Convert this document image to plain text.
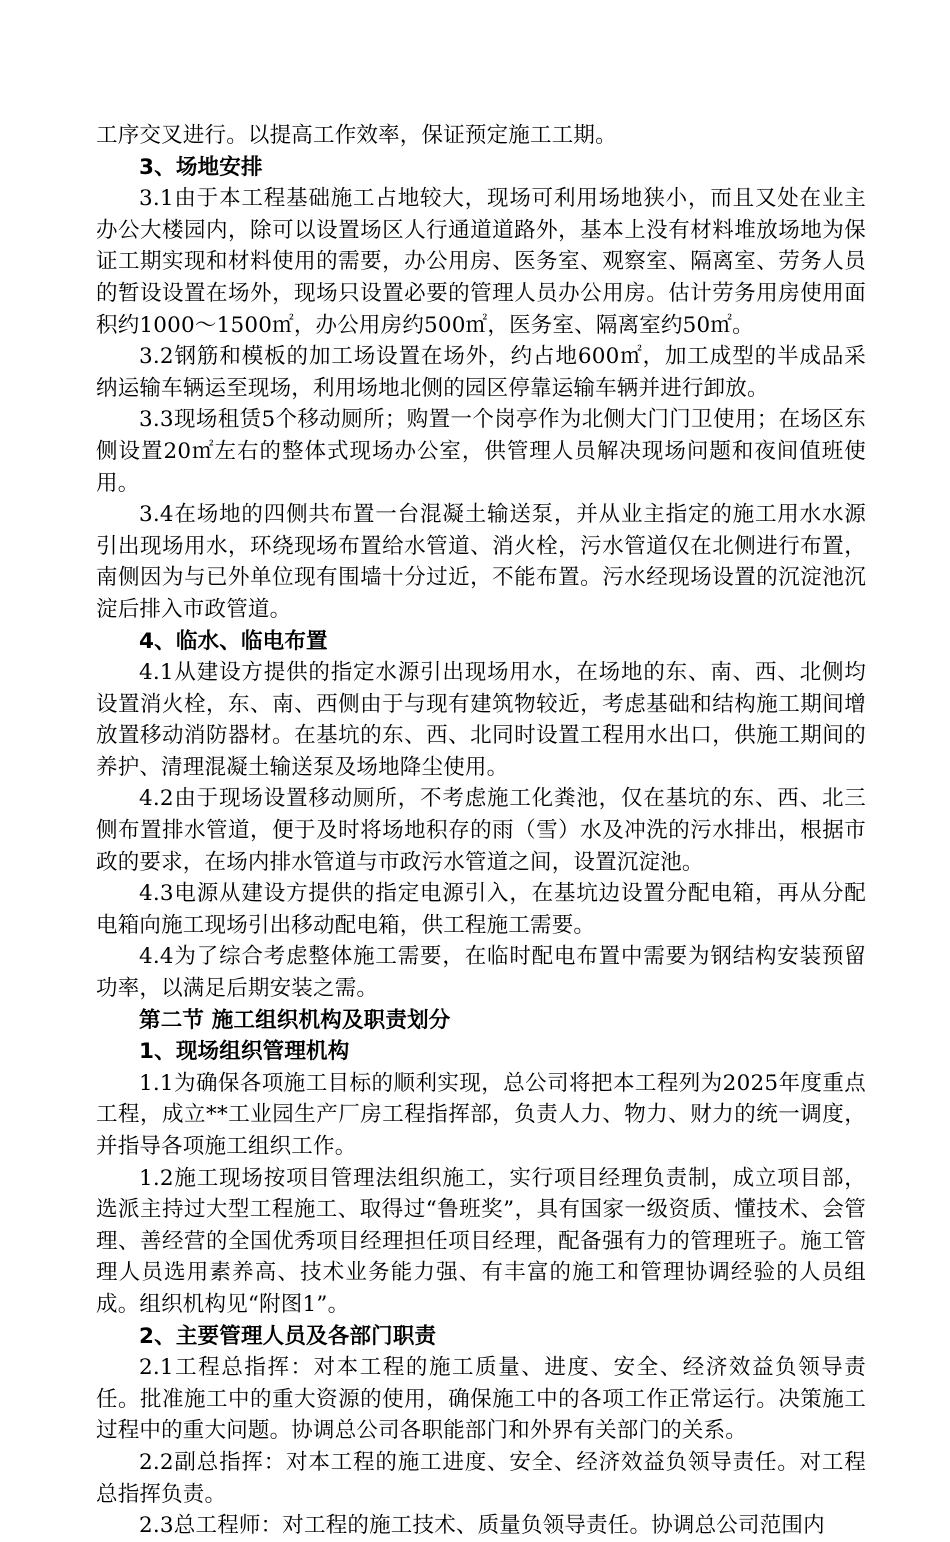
工序交叉进行。以提高工作效率，保证预定施工工期。

3、场地安排

3.1由于本工程基础施工占地较大，现场可利用场地狭小，而且又处在业主办公大楼园内，除可以设置场区人行通道道路外，基本上没有材料堆放场地为保证工期实现和材料使用的需要，办公用房、医务室、观察室、隔离室、劳务人员的暂设设置在场外，现场只设置必要的管理人员办公用房。估计劳务用房使用面积约1000～1500㎡，办公用房约500㎡，医务室、隔离室约50㎡。

3.2钢筋和模板的加工场设置在场外，约占地600㎡，加工成型的半成品采纳运输车辆运至现场，利用场地北侧的园区停靠运输车辆并进行卸放。

3.3现场租赁5个移动厕所；购置一个岗亭作为北侧大门门卫使用；在场区东侧设置20㎡左右的整体式现场办公室，供管理人员解决现场问题和夜间值班使用。

3.4在场地的四侧共布置一台混凝土输送泵，并从业主指定的施工用水水源引出现场用水，环绕现场布置给水管道、消火栓，污水管道仅在北侧进行布置，南侧因为与已外单位现有围墙十分过近，不能布置。污水经现场设置的沉淀池沉淀后排入市政管道。

4、临水、临电布置

4.1从建设方提供的指定水源引出现场用水，在场地的东、南、西、北侧均设置消火栓，东、南、西侧由于与现有建筑物较近，考虑基础和结构施工期间增放置移动消防器材。在基坑的东、西、北同时设置工程用水出口，供施工期间的养护、清理混凝土输送泵及场地降尘使用。

4.2由于现场设置移动厕所，不考虑施工化粪池，仅在基坑的东、西、北三侧布置排水管道，便于及时将场地积存的雨（雪）水及冲洗的污水排出，根据市政的要求，在场内排水管道与市政污水管道之间，设置沉淀池。

4.3电源从建设方提供的指定电源引入，在基坑边设置分配电箱，再从分配电箱向施工现场引出移动配电箱，供工程施工需要。

4.4为了综合考虑整体施工需要，在临时配电布置中需要为钢结构安装预留功率，以满足后期安装之需。

第二节 施工组织机构及职责划分
1、现场组织管理机构

1.1为确保各项施工目标的顺利实现，总公司将把本工程列为2025年度重点工程，成立**工业园生产厂房工程指挥部，负责人力、物力、财力的统一调度，并指导各项施工组织工作。

1.2施工现场按项目管理法组织施工，实行项目经理负责制，成立项目部，选派主持过大型工程施工、取得过“鲁班奖”，具有国家一级资质、懂技术、会管理、善经营的全国优秀项目经理担任项目经理，配备强有力的管理班子。施工管理人员选用素养高、技术业务能力强、有丰富的施工和管理协调经验的人员组成。组织机构见“附图1”。

2、主要管理人员及各部门职责

2.1工程总指挥：对本工程的施工质量、进度、安全、经济效益负领导责任。批准施工中的重大资源的使用，确保施工中的各项工作正常运行。决策施工过程中的重大问题。协调总公司各职能部门和外界有关部门的关系。

2.2副总指挥：对本工程的施工进度、安全、经济效益负领导责任。对工程总指挥负责。

2.3总工程师：对工程的施工技术、质量负领导责任。协调总公司范围内
